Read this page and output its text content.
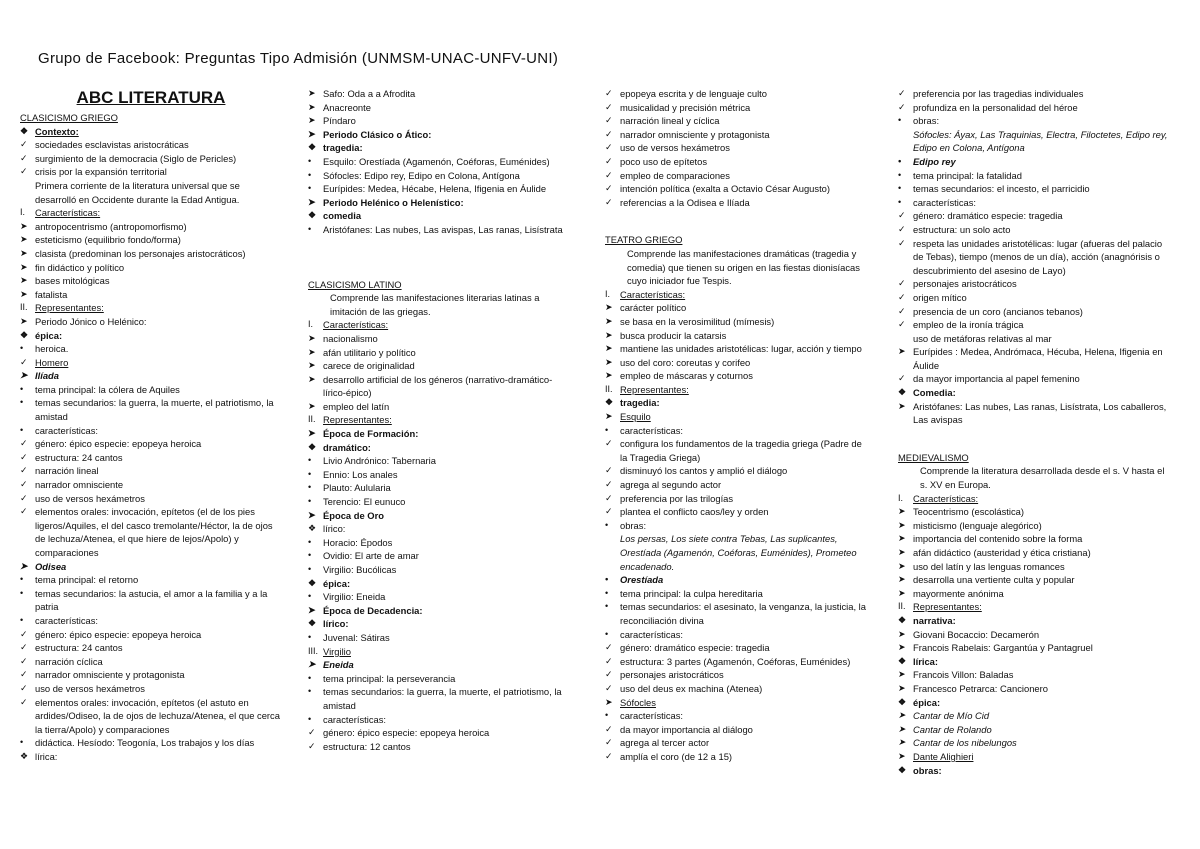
Grupo de Facebook: Preguntas Tipo Admisión (UNMSM-UNAC-UNFV-UNI)
ABC LITERATURA
CLASICISMO GRIEGO
❖ Contexto:
✓ sociedades esclavistas aristocráticas
✓ surgimiento de la democracia (Siglo de Pericles)
✓ crisis por la expansión territorial
Primera corriente de la literatura universal que se desarrolló en Occidente durante la Edad Antigua.
I.	Características:
➤ antropocentrismo (antropomorfismo)
➤ esteticismo (equilibrio fondo/forma)
➤ clasista (predominan los personajes aristocráticos)
➤ fin didáctico y político
➤ bases mitológicas
➤ fatalista
II. Representantes:
➤ Periodo Jónico o Helénico:
❖ épica:
•	heroica.
✓ Homero
➤ Ilíada
•	tema principal: la cólera de Aquiles
•	temas secundarios: la guerra, la muerte, el patriotismo, la amistad
•	características:
✓ género: épico especie: epopeya heroica
✓ estructura: 24 cantos
✓ narración lineal
✓ narrador omnisciente
✓ uso de versos hexámetros
✓ elementos orales: invocación, epítetos (el de los pies ligeros/Aquiles, el del casco tremolante/Héctor, la de ojos de lechuza/Atenea, el que hiere de lejos/Apolo) y comparaciones
➤ Odisea
•	tema principal: el retorno
•	temas secundarios: la astucia, el amor a la familia y a la patria
•	características:
✓ género: épico especie: epopeya heroica
✓ estructura: 24 cantos
✓ narración cíclica
✓ narrador omnisciente y protagonista
✓ uso de versos hexámetros
✓ elementos orales: invocación, epítetos (el astuto en ardides/Odiseo, la de ojos de lechuza/Atenea, el que cerca la tierra/Apolo) y comparaciones
•	didáctica. Hesíodo: Teogonía, Los trabajos y los días
❖ lírica:
➤ Safo: Oda a a Afrodita
➤ Anacreonte
➤ Píndaro
➤ Periodo Clásico o Ático:
❖ tragedia:
•	Esquilo: Orestíada (Agamenón, Coéforas, Euménides)
•	Sófocles: Edipo rey, Edipo en Colona, Antígona
•	Eurípides: Medea, Hécabe, Helena, Ifigenia en Áulide
➤ Periodo Helénico o Helenístico:
❖ comedia
•	Aristófanes: Las nubes, Las avispas, Las ranas, Lisístrata
CLASICISMO LATINO
Comprende las manifestaciones literarias latinas a imitación de las griegas.
I.	Características:
➤ nacionalismo
➤ afán utilitario y político
➤ carece de originalidad
➤ desarrollo artificial de los géneros (narrativo-dramático-lírico-épico)
➤ empleo del latín
II. Representantes:
➤ Época de Formación:
❖ dramático:
•	Livio Andrónico: Tabernaria
•	Ennio: Los anales
•	Plauto: Aulularia
•	Terencio: El eunuco
➤ Época de Oro
❖ lírico:
•	Horacio: Épodos
•	Ovidio: El arte de amar
•	Virgilio: Bucólicas
❖ épica:
•	Virgilio: Eneida
➤ Época de Decadencia:
❖ lírico:
•	Juvenal: Sátiras
III. Virgilio
➤ Eneida
•	tema principal: la perseverancia
•	temas secundarios: la guerra, la muerte, el patriotismo, la amistad
•	características:
✓ género: épico especie: epopeya heroica
✓ estructura: 12 cantos
✓ epopeya escrita y de lenguaje culto
✓ musicalidad y precisión métrica
✓ narración lineal y cíclica
✓ narrador omnisciente y protagonista
✓ uso de versos hexámetros
✓ poco uso de epítetos
✓ empleo de comparaciones
✓ intención política (exalta a Octavio César Augusto)
✓ referencias a la Odisea e Ilíada
TEATRO GRIEGO
Comprende las manifestaciones dramáticas (tragedia y comedia) que tienen su origen en las fiestas dionisíacas cuyo iniciador fue Tespis.
I.	Características:
➤ carácter político
➤ se basa en la verosimilitud (mímesis)
➤ busca producir la catarsis
➤ mantiene las unidades aristotélicas: lugar, acción y tiempo
➤ uso del coro: coreutas y corifeo
➤ empleo de máscaras y coturnos
II. Representantes:
❖ tragedia:
➤ Esquilo
•	características:
✓ configura los fundamentos de la tragedia griega (Padre de la Tragedia Griega)
✓ disminuyó los cantos y amplió el diálogo
✓ agrega al segundo actor
✓ preferencia por las trilogías
✓ plantea el conflicto caos/ley y orden
•	obras:
Los persas, Los siete contra Tebas, Las suplicantes, Orestíada (Agamenón, Coéforas, Euménides), Prometeo encadenado.
•	Orestíada
•	tema principal: la culpa hereditaria
•	temas secundarios: el asesinato, la venganza, la justicia, la reconciliación divina
•	características:
✓ género: dramático especie: tragedia
✓ estructura: 3 partes (Agamenón, Coéforas, Euménides)
✓ personajes aristocráticos
✓ uso del deus ex machina (Atenea)
➤ Sófocles
•	características:
✓ da mayor importancia al diálogo
✓ agrega al tercer actor
✓ amplía el coro (de 12 a 15)
✓ preferencia por las tragedias individuales
✓ profundiza en la personalidad del héroe
•	obras:
Sófocles: Áyax, Las Traquinias, Electra, Filoctetes, Edipo rey, Edipo en Colona, Antígona
•	Edipo rey
•	tema principal: la fatalidad
•	temas secundarios: el incesto, el parricidio
•	características:
✓ género: dramático especie: tragedia
✓ estructura: un solo acto
✓ respeta las unidades aristotélicas: lugar (afueras del palacio de Tebas), tiempo (menos de un día), acción (anagnórisis o descubrimiento del asesino de Layo)
✓ personajes aristocráticos
✓ origen mítico
✓ presencia de un coro (ancianos tebanos)
✓ empleo de la ironía trágica
uso de metáforas relativas al mar
➤ Eurípides : Medea, Andrómaca, Hécuba, Helena, Ifigenia en Áulide
✓ da mayor importancia al papel femenino
❖ Comedia:
➤ Aristófanes: Las nubes, Las ranas, Lisístrata, Los caballeros, Las avispas
MEDIEVALISMO
Comprende la literatura desarrollada desde el s. V hasta el s. XV en Europa.
I.	Características:
➤ Teocentrismo (escolástica)
➤ misticismo (lenguaje alegórico)
➤ importancia del contenido sobre la forma
➤ afán didáctico (austeridad y ética cristiana)
➤ uso del latín y las lenguas romances
➤ desarrolla una vertiente culta y popular
➤ mayormente anónima
II. Representantes:
❖ narrativa:
➤ Giovani Bocaccio: Decamerón
➤ Francois Rabelais: Gargantúa y Pantagruel
❖ lírica:
➤ Francois Villon: Baladas
➤ Francesco Petrarca: Cancionero
❖ épica:
➤ Cantar de Mío Cid
➤ Cantar de Rolando
➤ Cantar de los nibelungos
➤ Dante Alighieri
❖ obras:
